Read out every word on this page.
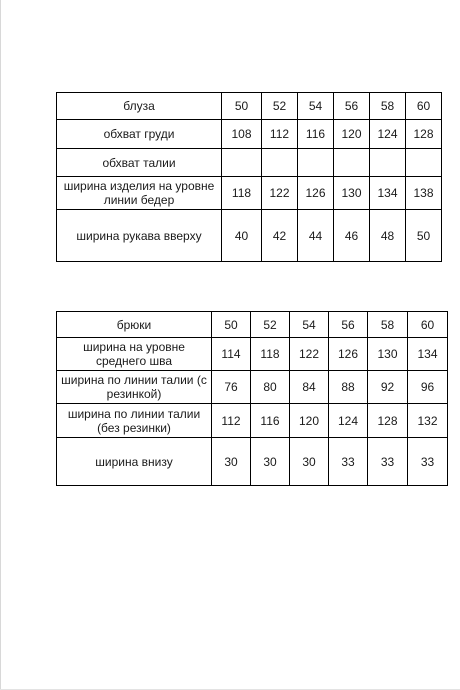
блуза	50	52	54	56	58	60
обхват груди	108	112	116	120	124	128
обхват талии						
ширина изделия на уровне линии бедер	118	122	126	130	134	138
ширина рукава вверху	40	42	44	46	48	50
брюки	50	52	54	56	58	60
ширина на уровне среднего шва	114	118	122	126	130	134
ширина по линии талии (с резинкой)	76	80	84	88	92	96
ширина по линии талии (без резинки)	112	116	120	124	128	132
ширина внизу	30	30	30	33	33	33
